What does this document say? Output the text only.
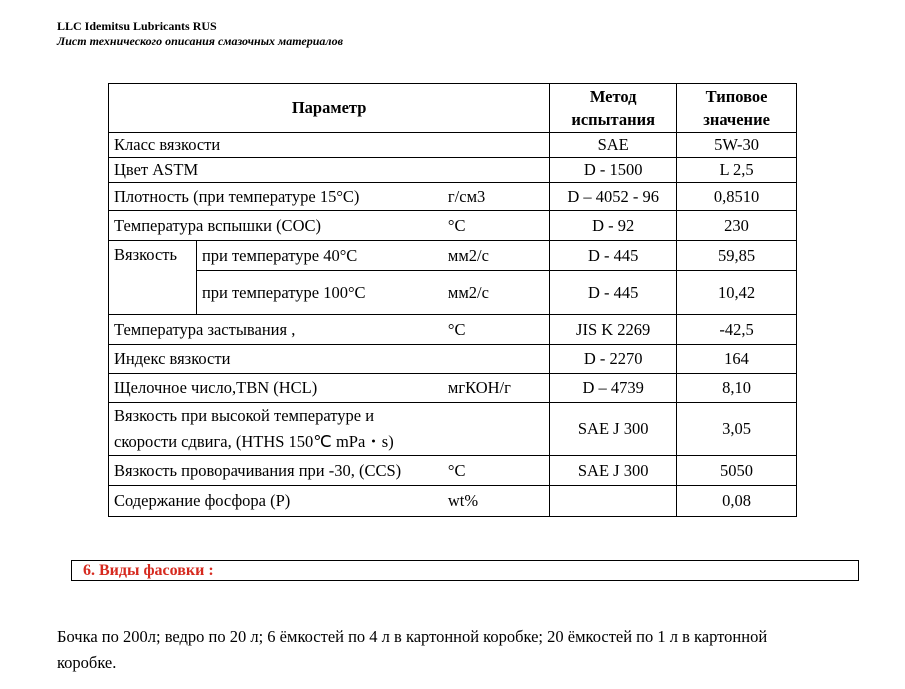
LLC Idemitsu Lubricants RUS
Лист технического описания смазочных материалов
Параметр			Метод испытания	Типовое значение
Класс вязкости			SAE	5W-30
Цвет ASTM			D - 1500	L 2,5
Плотность (при температуре 15°C)		г/см3	D – 4052 - 96	0,8510
Температура вспышки (COC)		°C	D - 92	230
Вязкость	при температуре 40°C	мм2/с	D - 445	59,85
	при температуре 100°C	мм2/с	D - 445	10,42
Температура застывания ,		°C	JIS K 2269	-42,5
Индекс вязкости			D - 2270	164
Щелочное число,TBN (HCL)		мгКОН/г	D – 4739	8,10

Вязкость при высокой температуре и
скорости сдвига, (HTHS 150℃ mPa・s)			SAE J 300	3,05
Вязкость проворачивания при -30, (CCS)		°C	SAE J 300	5050
Содержание фосфора (P)		wt%		0,08
6. Виды фасовки :
Бочка по 200л; ведро по 20 л; 6 ёмкостей по 4 л в картонной коробке; 20 ёмкостей по 1 л в картонной
коробке.
